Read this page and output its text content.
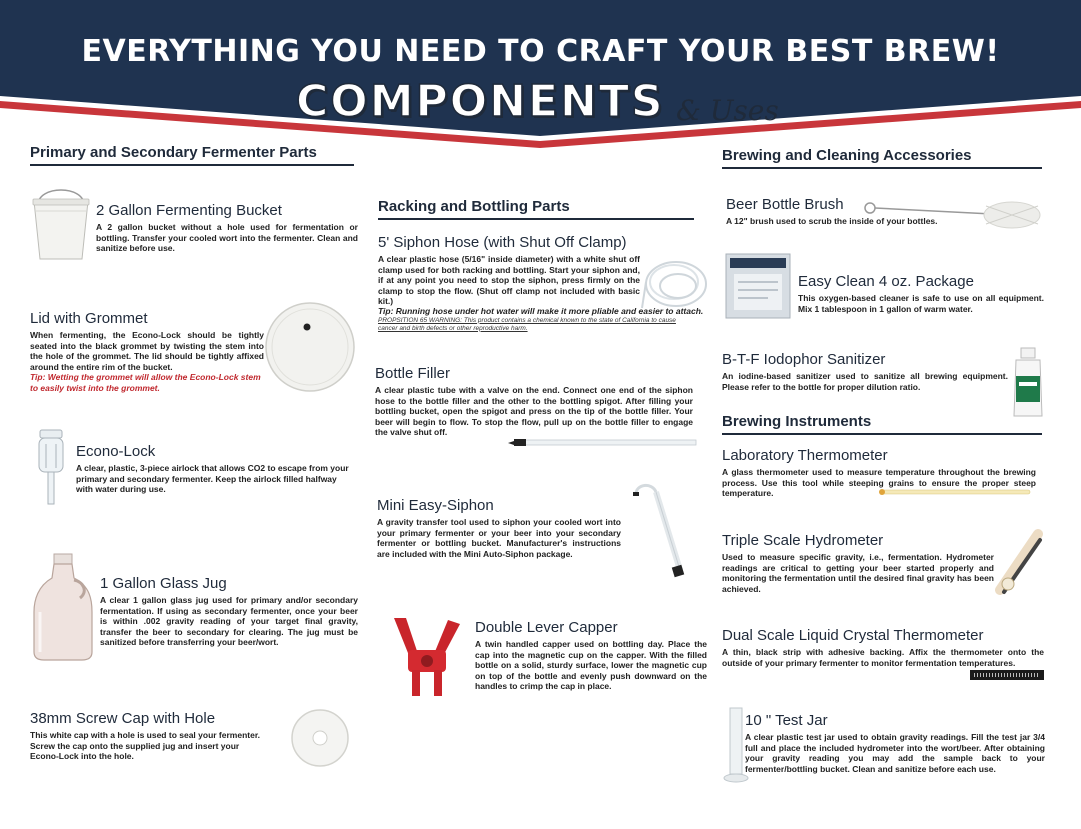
EVERYTHING YOU NEED TO CRAFT YOUR BEST BREW!
COMPONENTS & Uses
Primary and Secondary Fermenter Parts
Racking and Bottling Parts
Brewing and Cleaning Accessories
Brewing Instruments
2 Gallon Fermenting Bucket
A 2 gallon bucket without a hole used for fermentation or bottling. Transfer your cooled wort into the fermenter. Clean and sanitize before use.
Lid with Grommet
When fermenting, the Econo-Lock should be tightly seated into the black grommet by twisting the stem into the hole of the grommet. The lid should be tightly affixed around the entire rim of the bucket.
Tip: Wetting the grommet will allow the Econo-Lock stem to easily twist into the grommet.
Econo-Lock
A clear, plastic, 3-piece airlock that allows CO2 to escape from your primary and secondary fermenter. Keep the airlock filled halfway with water during use.
1 Gallon Glass Jug
A clear 1 gallon glass jug used for primary and/or secondary fermentation. If using as secondary fermenter, once your beer is within .002 gravity reading of your target final gravity, transfer the beer to secondary for clearing. The jug must be sanitized before transferring your beer/wort.
38mm Screw Cap with Hole
This white cap with a hole is used to seal your fermenter. Screw the cap onto the supplied jug and insert your Econo-Lock into the hole.
5' Siphon Hose (with Shut Off Clamp)
A clear plastic hose (5/16" inside diameter) with a white shut off clamp used for both racking and bottling. Start your siphon and, if at any point you need to stop the siphon, press firmly on the clamp to stop the flow. (Shut off clamp not included with basic kit.)
Tip: Running hose under hot water will make it more pliable and easier to attach.
PROPSITION 65 WARNING: This product contains a chemical known to the state of California to cause cancer and birth defects or other reproductive harm.
Bottle Filler
A clear plastic tube with a valve on the end. Connect one end of the siphon hose to the bottle filler and the other to the bottling spigot. After filling your bottling bucket, open the spigot and press on the tip of the bottle filler. Your beer will begin to flow. To stop the flow, pull up on the bottle filler to engage the valve shut off.
Mini Easy-Siphon
A gravity transfer tool used to siphon your cooled wort into your primary fermenter or your beer into your secondary fermenter or bottling bucket. Manufacturer's instructions are included with the Mini Auto-Siphon package.
Double Lever Capper
A twin handled capper used on bottling day. Place the cap into the magnetic cup on the capper. With the filled bottle on a solid, sturdy surface, lower the magnetic cup on top of the bottle and evenly push downward on the handles to crimp the cap in place.
Beer Bottle Brush
A 12" brush used to scrub the inside of your bottles.
Easy Clean 4 oz. Package
This oxygen-based cleaner is safe to use on all equipment. Mix 1 tablespoon in 1 gallon of warm water.
B-T-F Iodophor Sanitizer
An iodine-based sanitizer used to sanitize all brewing equipment. Please refer to the bottle for proper dilution ratio.
Laboratory Thermometer
A glass thermometer used to measure temperature throughout the brewing process. Use this tool while steeping grains to ensure the proper steep temperature.
Triple Scale Hydrometer
Used to measure specific gravity, i.e., fermentation. Hydrometer readings are critical to getting your beer started properly and monitoring the fermentation until the desired final gravity has been achieved.
Dual Scale Liquid Crystal Thermometer
A thin, black strip with adhesive backing. Affix the thermometer onto the outside of your primary fermenter to monitor fermentation temperatures.
10 " Test Jar
A clear plastic test jar used to obtain gravity readings. Fill the test jar 3/4 full and place the included hydrometer into the wort/beer. After obtaining your gravity reading you may add the sample back to your fermenter/bottling bucket. Clean and sanitize before each use.
